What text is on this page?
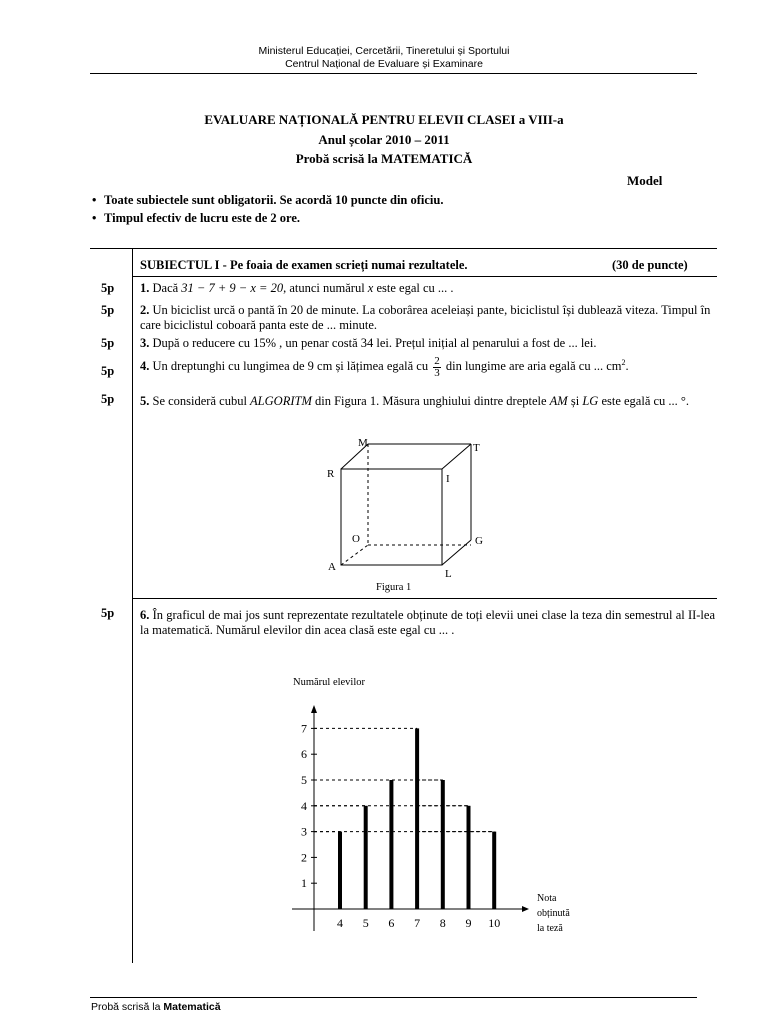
Ministerul Educației, Cercetării, Tineretului și Sportului
Centrul Național de Evaluare și Examinare
EVALUARE NAȚIONALĂ PENTRU ELEVII CLASEI a VIII-a
Anul școlar 2010 – 2011
Probă scrisă la MATEMATICĂ
Model
• Toate subiectele sunt obligatorii. Se acordă 10 puncte din oficiu.
• Timpul efectiv de lucru este de 2 ore.
SUBIECTUL I - Pe foaia de examen scrieți numai rezultatele.	(30 de puncte)
5p 1. Dacă 31 − 7 + 9 − x = 20, atunci numărul x este egal cu ... .
5p 2. Un biciclist urcă o pantă în 20 de minute. La coborârea aceleiași pante, biciclistul își dublează viteza. Timpul în care biciclistul coboară panta este de ... minute.
5p 3. După o reducere cu 15% , un penar costă 34 lei. Prețul inițial al penarului a fost de ... lei.
5p 4. Un dreptunghi cu lungimea de 9 cm și lățimea egală cu $\frac{2}{3}$ din lungime are aria egală cu ... $cm^2$.
5p 5. Se consideră cubul ALGORITM din Figura 1. Măsura unghiului dintre dreptele AM și LG este egală cu ... °.
M	T
R	I
O	G
A
L
Figura 1
5p 6. În graficul de mai jos sunt reprezentate rezultatele obținute de toți elevii unei clase la teza din semestrul al II-lea la matematică. Numărul elevilor din acea clasă este egal cu ... .
Numărul elevilor
Nota
obținută
la teză
1
2
3
4
5
6
7
4 5 6 7 8 9 10
Probă scrisă la Matematică
